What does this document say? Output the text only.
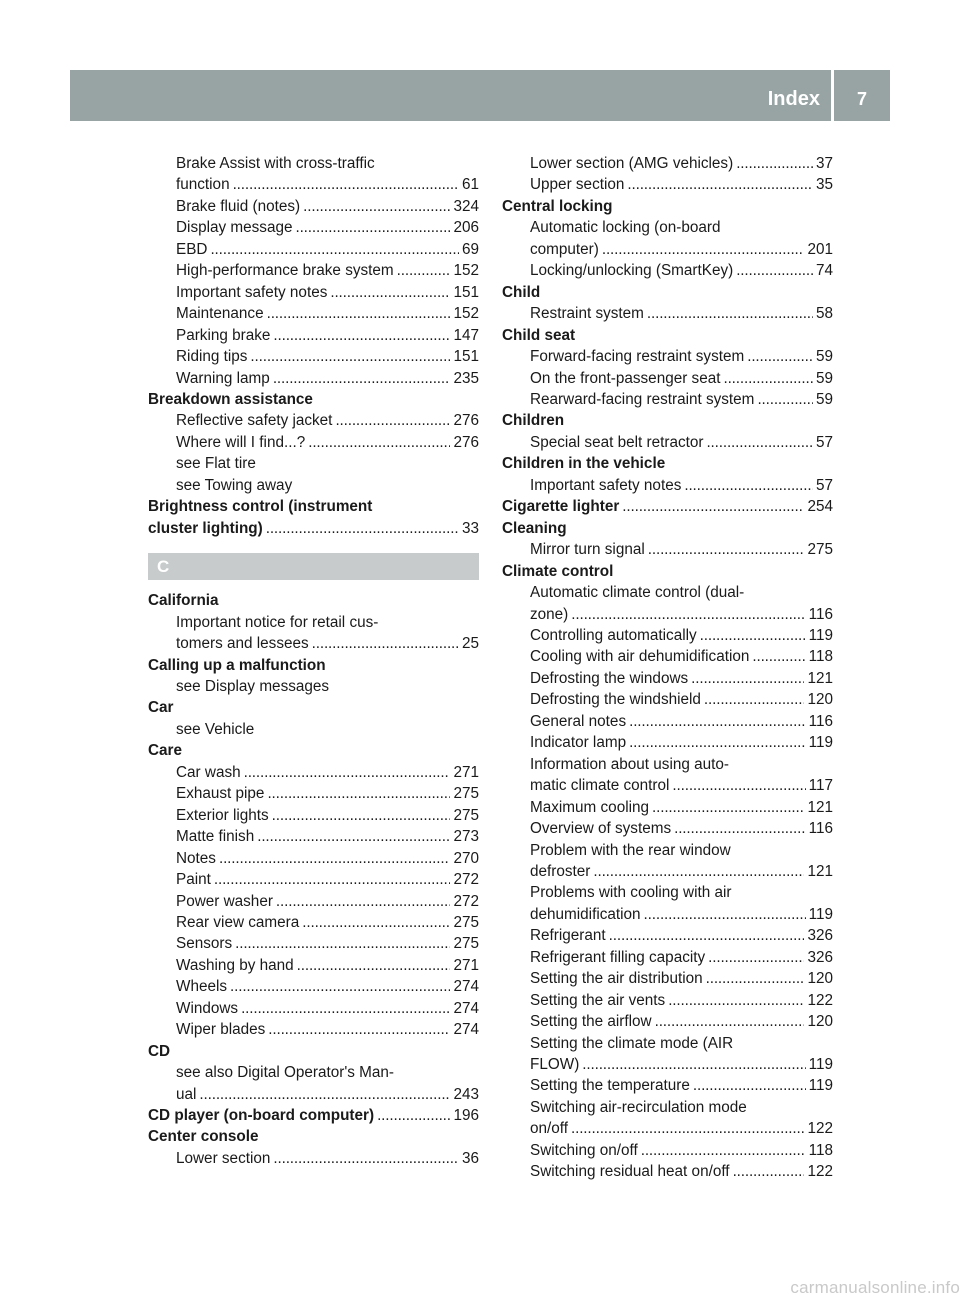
Index	7
Brake Assist with cross-traffic
function . . .	61
Brake fluid (notes) . . .	324
Display message . . .	206
EBD . . .	69
High-performance brake system . . .	152
Important safety notes . . .	151
Maintenance . . .	152
Parking brake . . .	147
Riding tips . . .	151
Warning lamp . . .	235
Breakdown assistance
Reflective safety jacket . . .	276
Where will I find...? . . .	276
see Flat tire
see Towing away
Brightness control (instrument
cluster lighting) . . .	33
C
California
Important notice for retail cus-
tomers and lessees . . .	25
Calling up a malfunction
see Display messages
Car
see Vehicle
Care
Car wash . . .	271
Exhaust pipe . . .	275
Exterior lights . . .	275
Matte finish . . .	273
Notes . . .	270
Paint . . .	272
Power washer . . .	272
Rear view camera . . .	275
Sensors . . .	275
Washing by hand . . .	271
Wheels . . .	274
Windows . . .	274
Wiper blades . . .	274
CD
see also Digital Operator's Man-
ual . . .	243
CD player (on-board computer) . . .	196
Center console
Lower section . . .	36
Lower section (AMG vehicles) . . .	37
Upper section . . .	35
Central locking
Automatic locking (on-board
computer) . . .	201
Locking/unlocking (SmartKey) . . .	74
Child
Restraint system . . .	58
Child seat
Forward-facing restraint system . . .	59
On the front-passenger seat . . .	59
Rearward-facing restraint system . . .	59
Children
Special seat belt retractor . . .	57
Children in the vehicle
Important safety notes . . .	57
Cigarette lighter . . .	254
Cleaning
Mirror turn signal . . .	275
Climate control
Automatic climate control (dual-
zone) . . .	116
Controlling automatically . . .	119
Cooling with air dehumidification . . .	118
Defrosting the windows . . .	121
Defrosting the windshield . . .	120
General notes . . .	116
Indicator lamp . . .	119
Information about using auto-
matic climate control . . .	117
Maximum cooling . . .	121
Overview of systems . . .	116
Problem with the rear window
defroster . . .	121
Problems with cooling with air
dehumidification . . .	119
Refrigerant . . .	326
Refrigerant filling capacity . . .	326
Setting the air distribution . . .	120
Setting the air vents . . .	122
Setting the airflow . . .	120
Setting the climate mode (AIR
FLOW) . . .	119
Setting the temperature . . .	119
Switching air-recirculation mode
on/off . . .	122
Switching on/off . . .	118
Switching residual heat on/off . . .	122
carmanualsonline.info
